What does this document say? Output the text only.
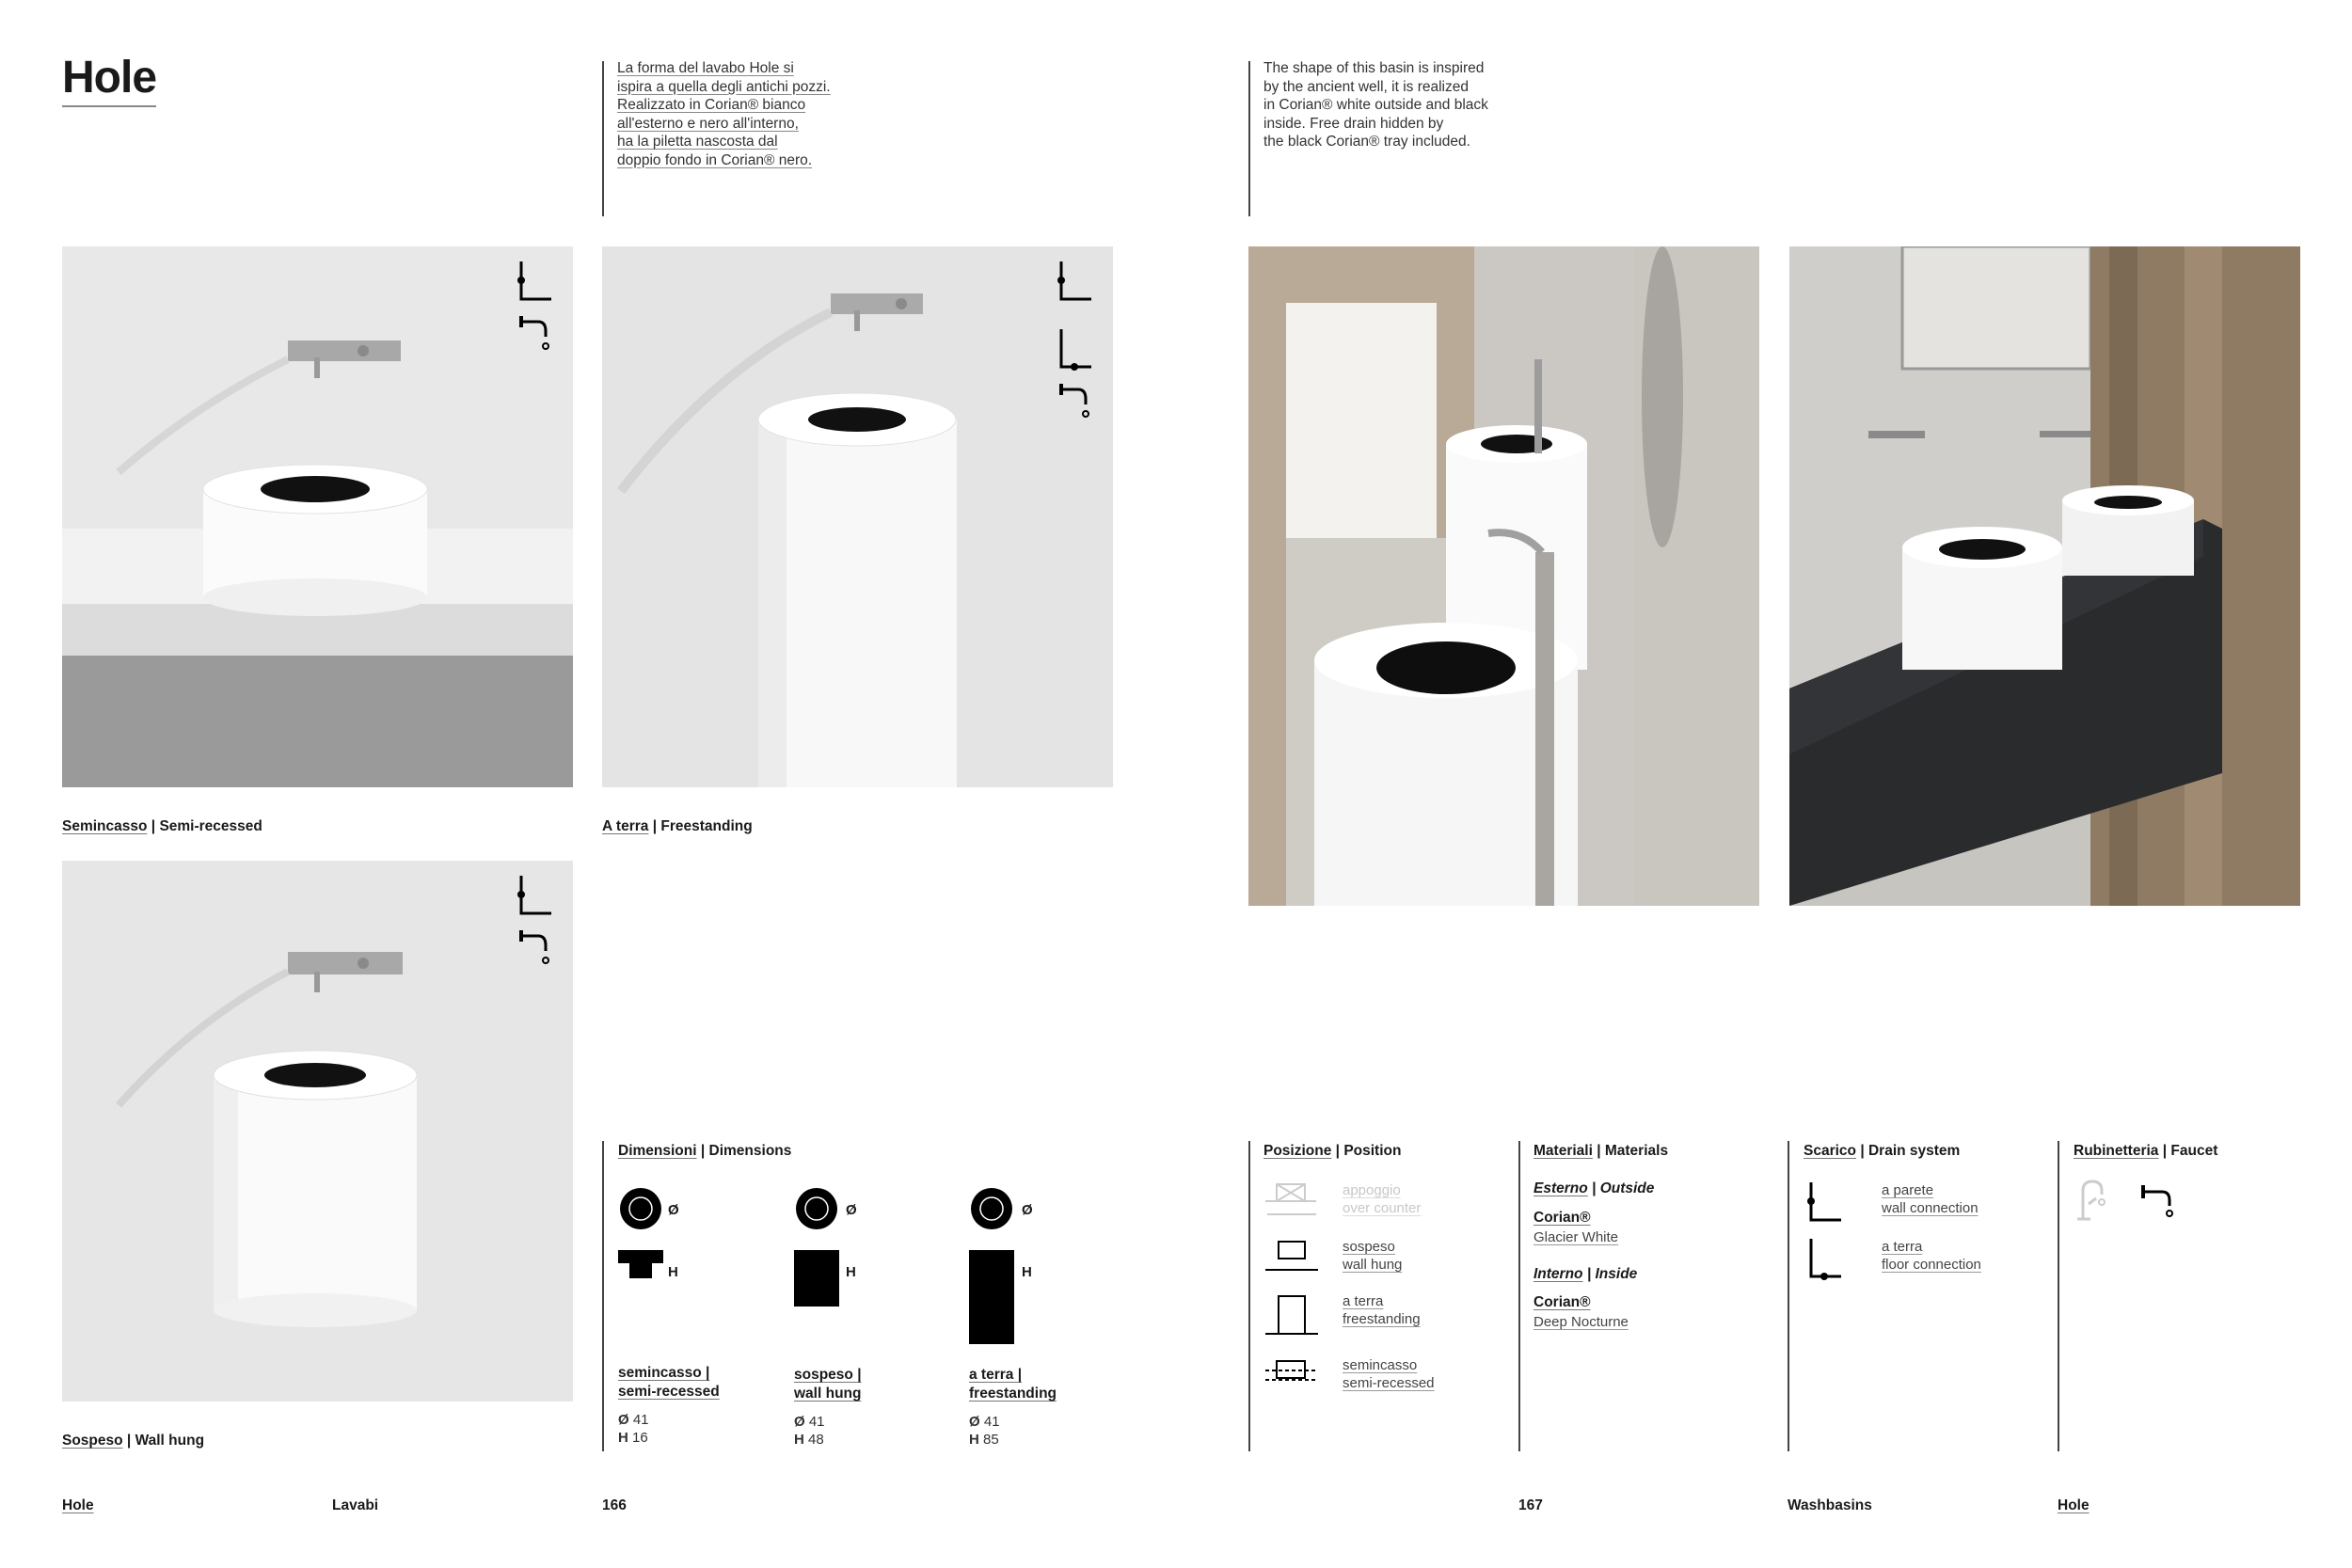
Hole	La forma del lavabo Hole si
ispira a quella degli antichi pozzi.
Realizzato in Corian® bianco
all'esterno e nero all'interno,
ha la piletta nascosta dal
doppio fondo in Corian® nero.
The shape of this basin is inspired
by the ancient well, it is realized
in Corian® white outside and black
inside. Free drain hidden by
the black Corian® tray included.
Semincasso | Semi-recessed	A terra | Freestanding
Sospeso | Wall hung
Dimensioni | Dimensions
Ø
H
semincasso |
semi-recessed
Ø 41
H 16
Ø
H
sospeso |
wall hung
Ø 41
H 48
Ø
H
a terra |
freestanding
Ø 41
H 85
Posizione | Position
appoggio
over counter
sospeso
wall hung
a terra
freestanding
semincasso
semi-recessed
Materiali | Materials
Esterno | Outside
Corian®
Glacier White
Interno | Inside
Corian®
Deep Nocturne
Scarico | Drain system
a parete
wall connection
a terra
floor connection
Rubinetteria | Faucet
Hole	Lavabi	166	167	Washbasins	Hole
